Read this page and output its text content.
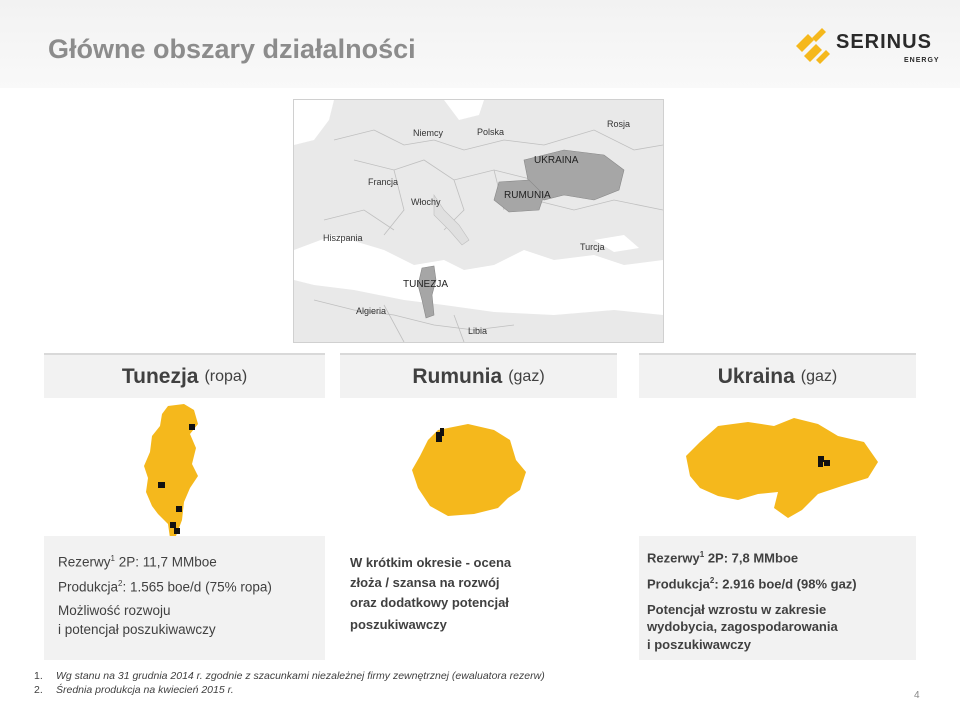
Główne obszary działalności	SERINUS
ENERGY
Niemcy	Polska
Rosja
UKRAINA
Francja
Włochy
RUMUNIA
Hiszpania
Turcja
TUNEZJA
Algieria
Libia
Tunezja (ropa)	Rumunia (gaz)	Ukraina (gaz)
Rezerwy$^1$ 2P: 11,7 MMboe
Produkcja$^2$: 1.565 boe/d (75% ropa)
Możliwość rozwoju
i potencjał poszukiwawczy
W krótkim okresie - ocena
złoża / szansa na rozwój
oraz dodatkowy potencjał
poszukiwawczy
Rezerwy$^1$ 2P: 7,8 MMboe
Produkcja$^2$: 2.916 boe/d (98% gaz)
Potencjał wzrostu w zakresie
wydobycia, zagospodarowania
i poszukiwawczy
1. Wg stanu na 31 grudnia 2014 r. zgodnie z szacunkami niezależnej firmy zewnętrznej (ewaluatora rezerw)
2. Średnia produkcja na kwiecień 2015 r.	4
